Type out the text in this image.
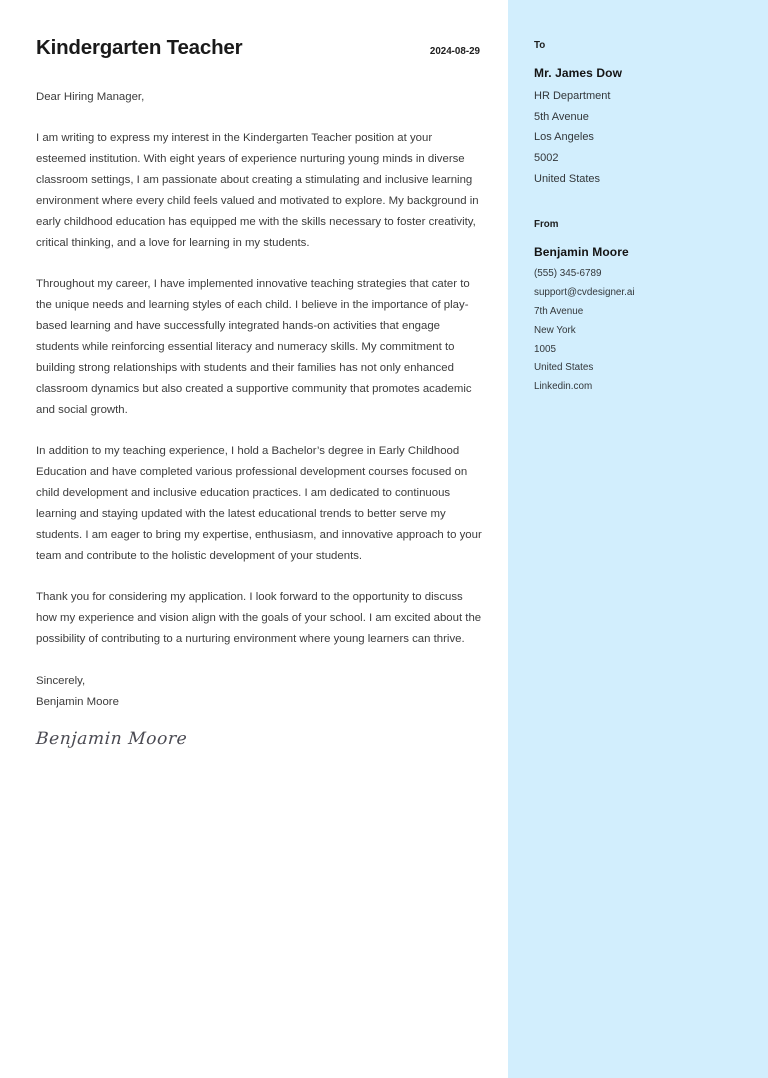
Kindergarten Teacher	2024-08-29

Dear Hiring Manager,

I am writing to express my interest in the Kindergarten Teacher position at your esteemed institution. With eight years of experience nurturing young minds in diverse classroom settings, I am passionate about creating a stimulating and inclusive learning environment where every child feels valued and motivated to explore. My background in early childhood education has equipped me with the skills necessary to foster creativity, critical thinking, and a love for learning in my students.

Throughout my career, I have implemented innovative teaching strategies that cater to the unique needs and learning styles of each child. I believe in the importance of play-based learning and have successfully integrated hands-on activities that engage students while reinforcing essential literacy and numeracy skills. My commitment to building strong relationships with students and their families has not only enhanced classroom dynamics but also created a supportive community that promotes academic and social growth.

In addition to my teaching experience, I hold a Bachelor’s degree in Early Childhood Education and have completed various professional development courses focused on child development and inclusive education practices. I am dedicated to continuous learning and staying updated with the latest educational trends to better serve my students. I am eager to bring my expertise, enthusiasm, and innovative approach to your team and contribute to the holistic development of your students.

Thank you for considering my application. I look forward to the opportunity to discuss how my experience and vision align with the goals of your school. I am excited about the possibility of contributing to a nurturing environment where young learners can thrive.

Sincerely,
Benjamin Moore
Benjamin Moore
To
Mr. James Dow
HR Department
5th Avenue
Los Angeles
5002
United States
From
Benjamin Moore
(555) 345-6789
support@cvdesigner.ai
7th Avenue
New York
1005
United States
Linkedin.com
